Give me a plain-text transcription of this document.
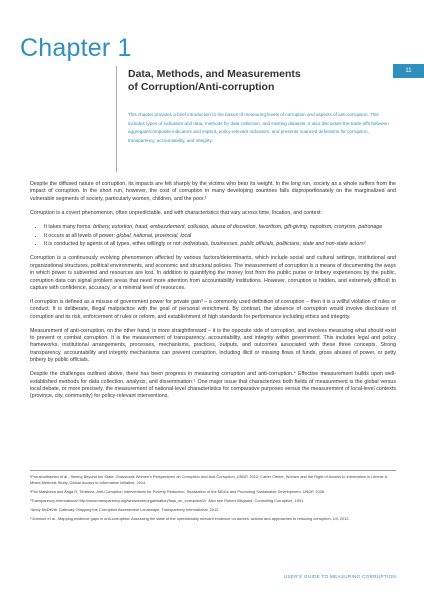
Chapter 1
11
Data, Methods, and Measurements
of Corruption/Anti-corruption
This chapter provides a brief introduction to the basics of measuring levels of corruption and aspects of anti-corruption. This includes types of indicators and data, methods for data collection, and existing datasets. It also discusses the trade-offs between aggregate/composite indicators and explicit, policy-relevant indicators, and presents nuanced definitions for corruption, transparency, accountability, and integrity.

Despite the diffused nature of corruption, its impacts are felt sharply by the victims who bear its weight. In the long run, society as a whole suffers from the impact of corruption. In the short run, however, the cost of corruption in many developing countries falls disproportionately on the marginalized and vulnerable segments of society, particularly women, children, and the poor.¹

Corruption is a covert phenomenon, often unpredictable, and with characteristics that vary across time, location, and context:

• It takes many forms: bribery, extortion, fraud, embezzlement, collusion, abuse of discretion, favoritism, gift-giving, nepotism, cronyism, patronage
• It occurs at all levels of power: global, national, provincial, local
• It is conducted by agents of all types, either willingly or not: individuals, businesses, public officials, politicians, state and non-state actors²

Corruption is a continuously evolving phenomenon affected by various factors/determinants, which include social and cultural settings, institutional and organizational structures, political environments, and economic and structural policies. The measurement of corruption is a means of documenting the ways in which power is subverted and resources are lost. In addition to quantifying the money lost from the public purse or bribery experiences by the public, corruption data can signal problem areas that need more attention from accountability institutions. However, corruption is hidden, and extremely difficult to capture with confidence, accuracy, or a minimal level of resources.

If corruption is defined as a misuse of government power for private gain³ – a commonly used definition of corruption – then it is a willful violation of rules or conduct. It is deliberate, illegal malpractice with the goal of personal enrichment. By contrast, the absence of corruption would involve disclosure of corruption and its risk, enforcement of rules or reform, and establishment of high standards for performance including ethics and integrity.

Measurement of anti-corruption, on the other hand, is more straightforward – it is the opposite side of corruption, and involves measuring what should exist to prevent or combat corruption. It is the measurement of transparency, accountability, and integrity within government. This includes legal and policy frameworks, institutional arrangements, processes, mechanisms, practices, outputs, and outcomes associated with these three concepts. Strong transparency, accountability and integrity mechanisms can prevent corruption, including illicit or missing flows of funds, gross abuses of power, or petty bribery by public officials.

Despite the challenges outlined above, there has been progress in measuring corruption and anti-corruption.⁴ Effective measurement builds upon well-established methods for data collection, analysis, and dissemination.⁵ One major issue that characterizes both fields of measurement is the global versus local debate, or more precisely, the measurement of national-level characteristics for comparative purposes versus the measurement of local-level contexts (province, city, community) for policy-relevant interventions.

¹Purushothaman et al., Seeing Beyond the State: Grassroots Women's Perspectives on Corruption And Anti-Corruption, UNDP, 2012; Carter Center, Women and the Right of Access to Information in Liberia: A Mixed-Methods Study. Global Access to Information Initiative, 2014.

²Phil Matsheza and Anga R. Timilsina, Anti-Corruption Interventions for Poverty Reduction, Realization of the MDGs and Promoting Sustainable Development, UNDP, 2008.

³Transparency International http://www.transparency.org/whoweare/organisation/faqs_on_corruption/2/. Also see Robert Klitgaard, Controlling Corruption, 1991.

⁴Andy McDevitt, Gateway: Mapping the Corruption Assessment Landscape, Transparency International, 2012.

⁵Johnson et al., Mapping evidence gaps in anti-corruption: Assessing the state of the operationally relevant evidence on donors' actions and approaches to reducing corruption, U4, 2012.

USER'S GUIDE TO MEASURING CORRUPTION
